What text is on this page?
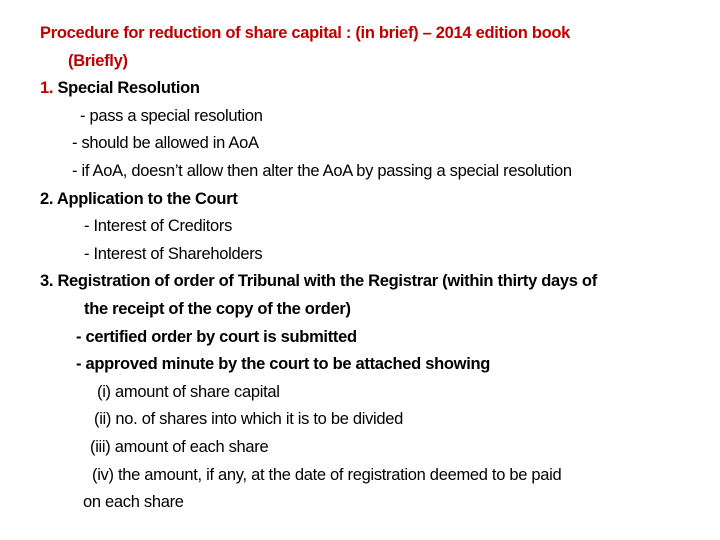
Procedure for reduction of share capital : (in brief) – 2014 edition book
(Briefly)
1. Special Resolution
- pass a special resolution
- should be allowed in AoA
- if AoA, doesn’t allow then alter the AoA by passing a special resolution
2. Application to the Court
- Interest of Creditors
- Interest of Shareholders
3. Registration of order of Tribunal with the Registrar (within thirty days of
the receipt of the copy of the order)
- certified order by court is submitted
- approved minute by the court to be attached showing
(i) amount of share capital
(ii) no. of shares into which it is to be divided
(iii) amount of each share
(iv) the amount, if any, at the date of registration deemed to be paid
on each share
